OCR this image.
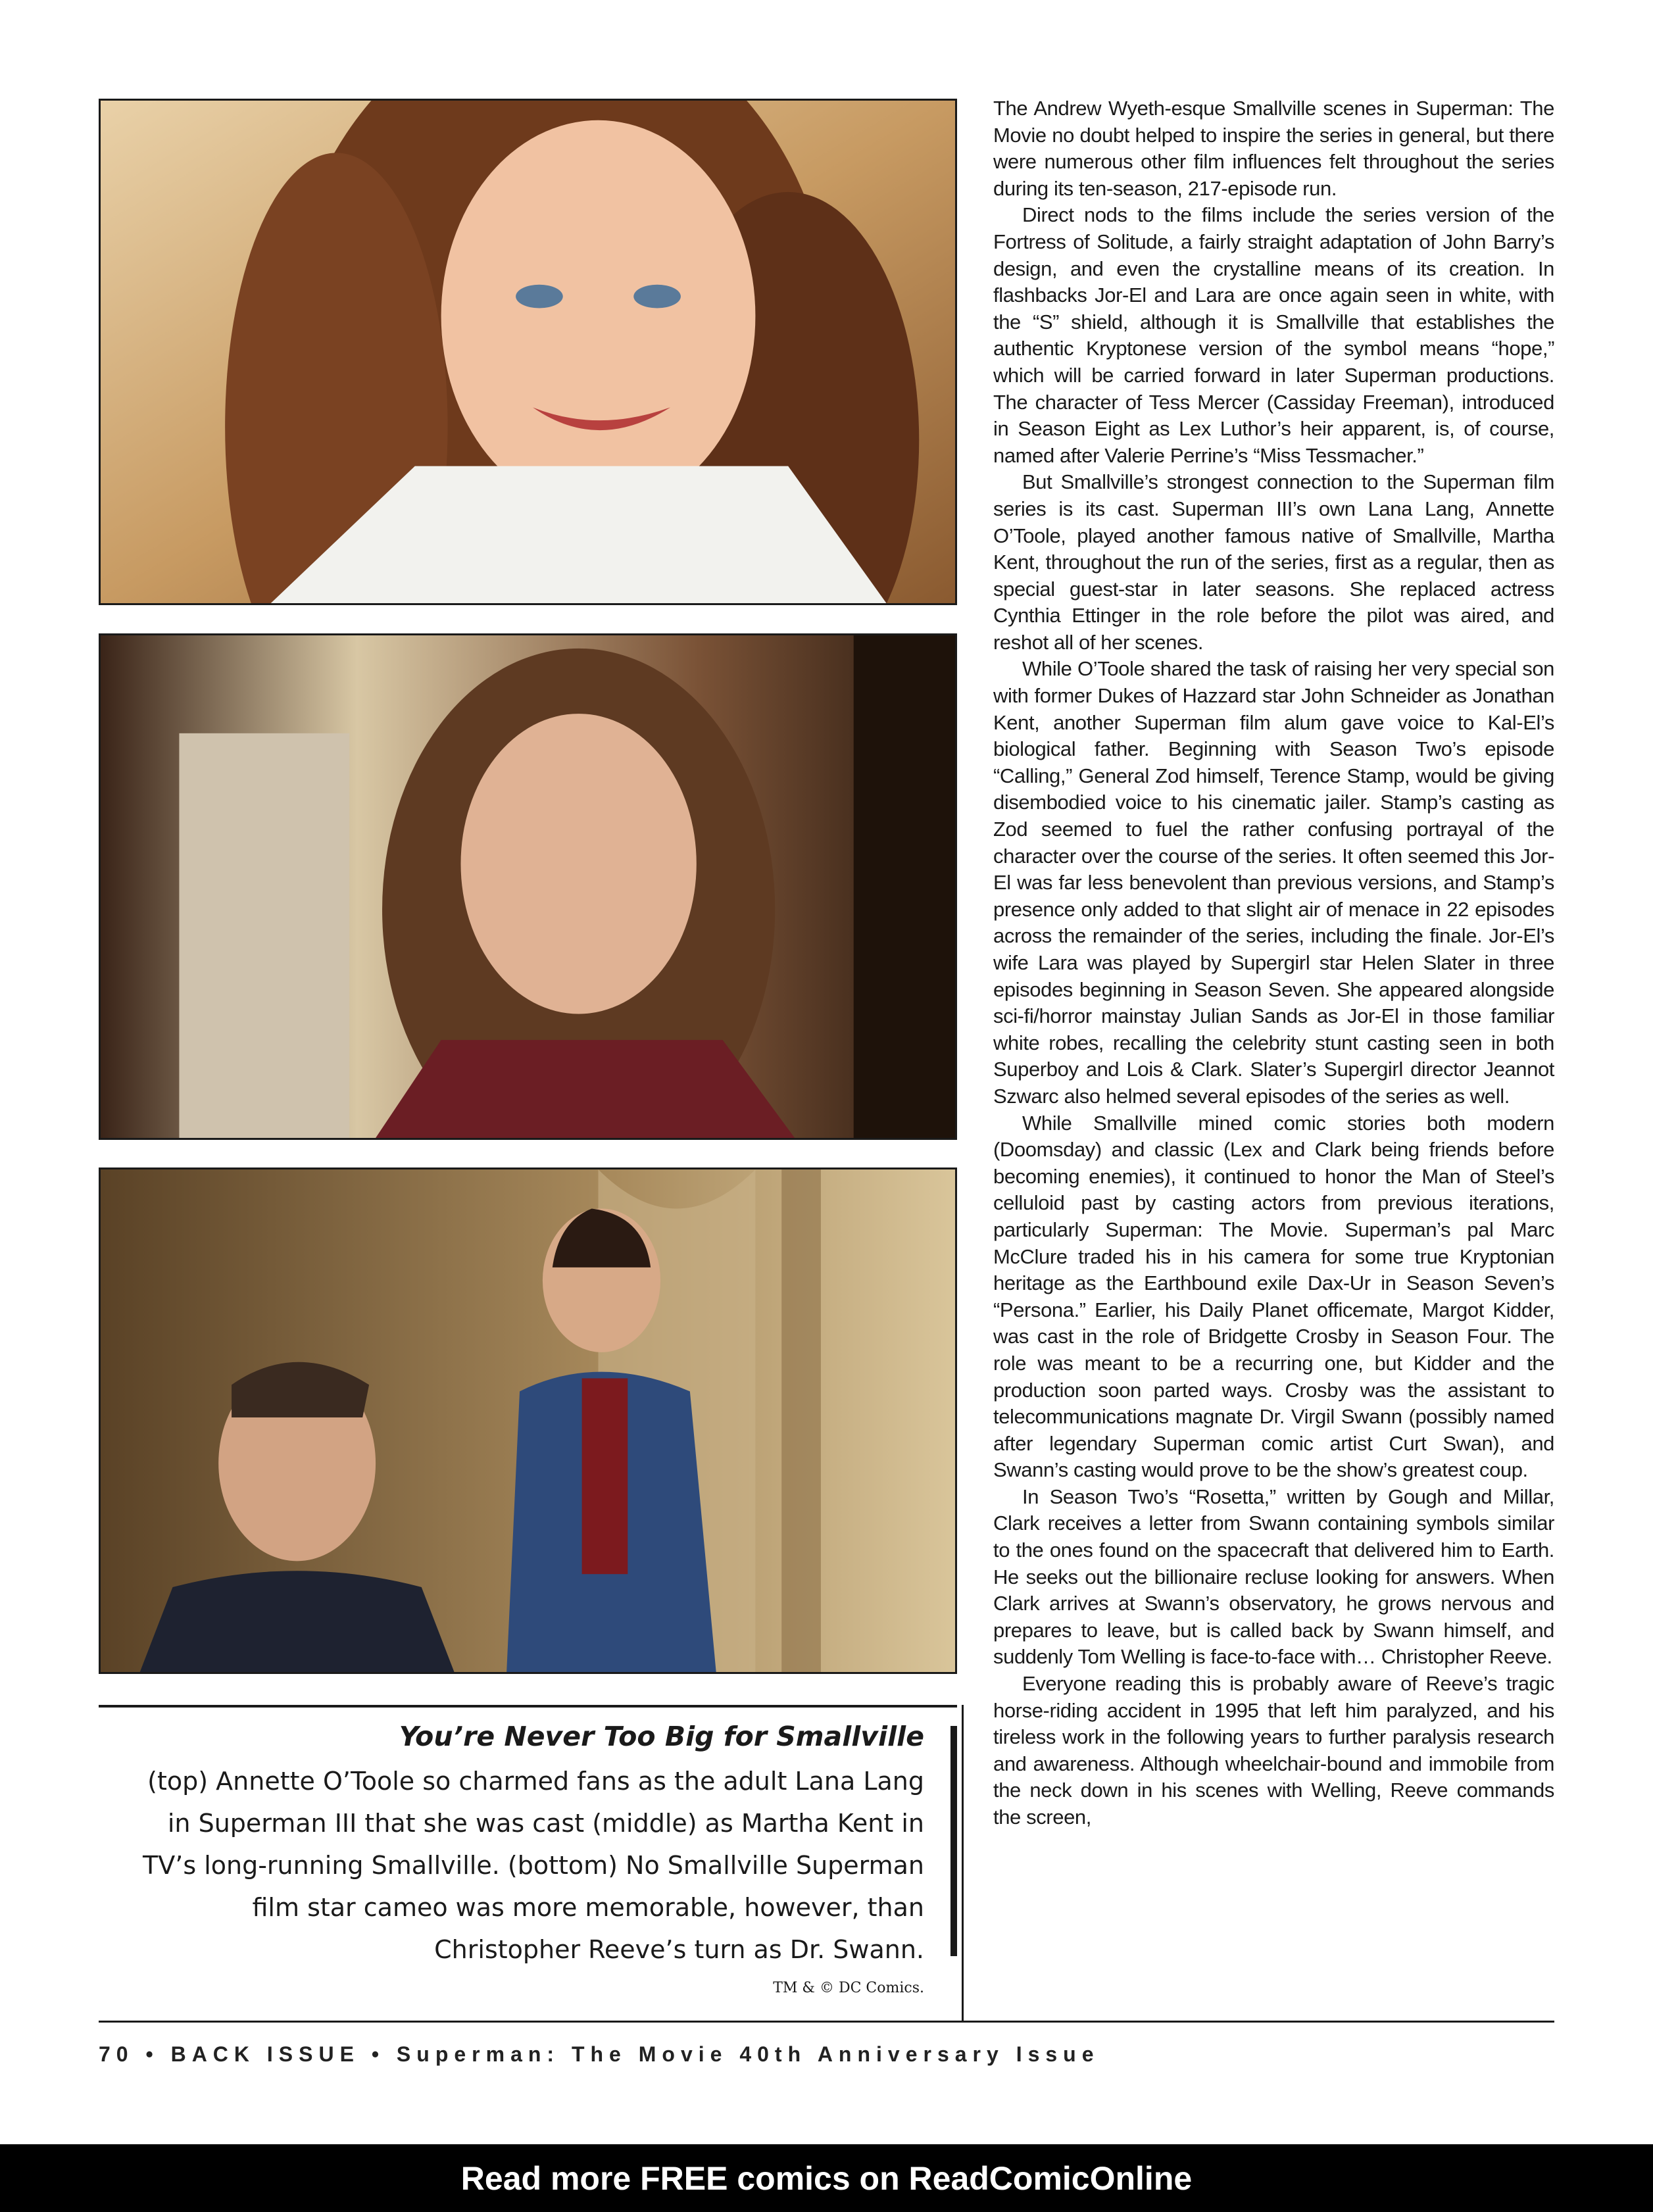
You’re Never Too Big for Smallville

(top) Annette O’Toole so charmed fans as the adult Lana Lang

in Superman III that she was cast (middle) as Martha Kent in

TV’s long-running Smallville. (bottom) No Smallville Superman

film star cameo was more memorable, however, than

Christopher Reeve’s turn as Dr. Swann.

TM & © DC Comics.

The Andrew Wyeth-esque Smallville scenes in Superman: The Movie no doubt helped to inspire the series in general, but there were numerous other film influences felt throughout the series during its ten-season, 217-episode run.

Direct nods to the films include the series version of the Fortress of Solitude, a fairly straight adaptation of John Barry’s design, and even the crystalline means of its creation. In flashbacks Jor-El and Lara are once again seen in white, with the “S” shield, although it is Smallville that establishes the authentic Kryptonese version of the symbol means “hope,” which will be carried forward in later Superman productions. The character of Tess Mercer (Cassiday Freeman), introduced in Season Eight as Lex Luthor’s heir apparent, is, of course, named after Valerie Perrine’s “Miss Tessmacher.”

But Smallville’s strongest connection to the Superman film series is its cast. Superman III’s own Lana Lang, Annette O’Toole, played another famous native of Smallville, Martha Kent, throughout the run of the series, first as a regular, then as special guest-star in later seasons. She replaced actress Cynthia Ettinger in the role before the pilot was aired, and reshot all of her scenes.

While O’Toole shared the task of raising her very special son with former Dukes of Hazzard star John Schneider as Jonathan Kent, another Superman film alum gave voice to Kal-El’s biological father. Beginning with Season Two’s episode “Calling,” General Zod himself, Terence Stamp, would be giving disembodied voice to his cinematic jailer. Stamp’s casting as Zod seemed to fuel the rather confusing portrayal of the character over the course of the series. It often seemed this Jor-El was far less benevolent than previous versions, and Stamp’s presence only added to that slight air of menace in 22 episodes across the remainder of the series, including the finale. Jor-El’s wife Lara was played by Supergirl star Helen Slater in three episodes beginning in Season Seven. She appeared alongside sci-fi/horror mainstay Julian Sands as Jor-El in those familiar white robes, recalling the celebrity stunt casting seen in both Superboy and Lois & Clark. Slater’s Supergirl director Jeannot Szwarc also helmed several episodes of the series as well.

While Smallville mined comic stories both modern (Doomsday) and classic (Lex and Clark being friends before becoming enemies), it continued to honor the Man of Steel’s celluloid past by casting actors from previous iterations, particularly Superman: The Movie. Superman’s pal Marc McClure traded his in his camera for some true Kryptonian heritage as the Earthbound exile Dax-Ur in Season Seven’s “Persona.” Earlier, his Daily Planet officemate, Margot Kidder, was cast in the role of Bridgette Crosby in Season Four. The role was meant to be a recurring one, but Kidder and the production soon parted ways. Crosby was the assistant to telecommunications magnate Dr. Virgil Swann (possibly named after legendary Superman comic artist Curt Swan), and Swann’s casting would prove to be the show’s greatest coup.

In Season Two’s “Rosetta,” written by Gough and Millar, Clark receives a letter from Swann containing symbols similar to the ones found on the spacecraft that delivered him to Earth. He seeks out the billionaire recluse looking for answers. When Clark arrives at Swann’s observatory, he grows nervous and prepares to leave, but is called back by Swann himself, and suddenly Tom Welling is face-to-face with… Christopher Reeve.

Everyone reading this is probably aware of Reeve’s tragic horse-riding accident in 1995 that left him paralyzed, and his tireless work in the following years to further paralysis research and awareness. Although wheelchair-bound and immobile from the neck down in his scenes with Welling, Reeve commands the screen,

70 • BACK ISSUE • Superman: The Movie 40th Anniversary Issue
Read more FREE comics on ReadComicOnline
